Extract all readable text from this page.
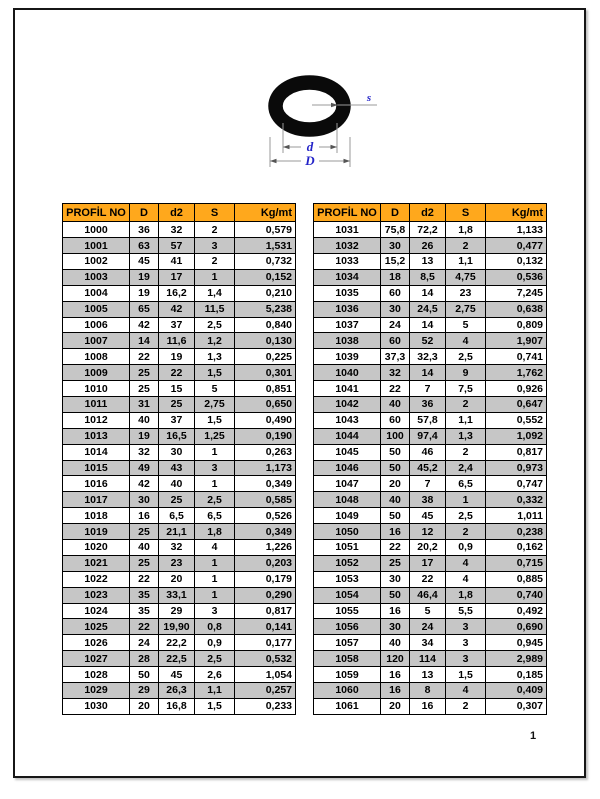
s
d
D
PROFİL NO	D	d2	S	Kg/mt
1000	36	32	2	0,579
1001	63	57	3	1,531
1002	45	41	2	0,732
1003	19	17	1	0,152
1004	19	16,2	1,4	0,210
1005	65	42	11,5	5,238
1006	42	37	2,5	0,840
1007	14	11,6	1,2	0,130
1008	22	19	1,3	0,225
1009	25	22	1,5	0,301
1010	25	15	5	0,851
1011	31	25	2,75	0,650
1012	40	37	1,5	0,490
1013	19	16,5	1,25	0,190
1014	32	30	1	0,263
1015	49	43	3	1,173
1016	42	40	1	0,349
1017	30	25	2,5	0,585
1018	16	6,5	6,5	0,526
1019	25	21,1	1,8	0,349
1020	40	32	4	1,226
1021	25	23	1	0,203
1022	22	20	1	0,179
1023	35	33,1	1	0,290
1024	35	29	3	0,817
1025	22	19,90	0,8	0,141
1026	24	22,2	0,9	0,177
1027	28	22,5	2,5	0,532
1028	50	45	2,6	1,054
1029	29	26,3	1,1	0,257
1030	20	16,8	1,5	0,233
PROFİL NO	D	d2	S	Kg/mt
1031	75,8	72,2	1,8	1,133
1032	30	26	2	0,477
1033	15,2	13	1,1	0,132
1034	18	8,5	4,75	0,536
1035	60	14	23	7,245
1036	30	24,5	2,75	0,638
1037	24	14	5	0,809
1038	60	52	4	1,907
1039	37,3	32,3	2,5	0,741
1040	32	14	9	1,762
1041	22	7	7,5	0,926
1042	40	36	2	0,647
1043	60	57,8	1,1	0,552
1044	100	97,4	1,3	1,092
1045	50	46	2	0,817
1046	50	45,2	2,4	0,973
1047	20	7	6,5	0,747
1048	40	38	1	0,332
1049	50	45	2,5	1,011
1050	16	12	2	0,238
1051	22	20,2	0,9	0,162
1052	25	17	4	0,715
1053	30	22	4	0,885
1054	50	46,4	1,8	0,740
1055	16	5	5,5	0,492
1056	30	24	3	0,690
1057	40	34	3	0,945
1058	120	114	3	2,989
1059	16	13	1,5	0,185
1060	16	8	4	0,409
1061	20	16	2	0,307
1
